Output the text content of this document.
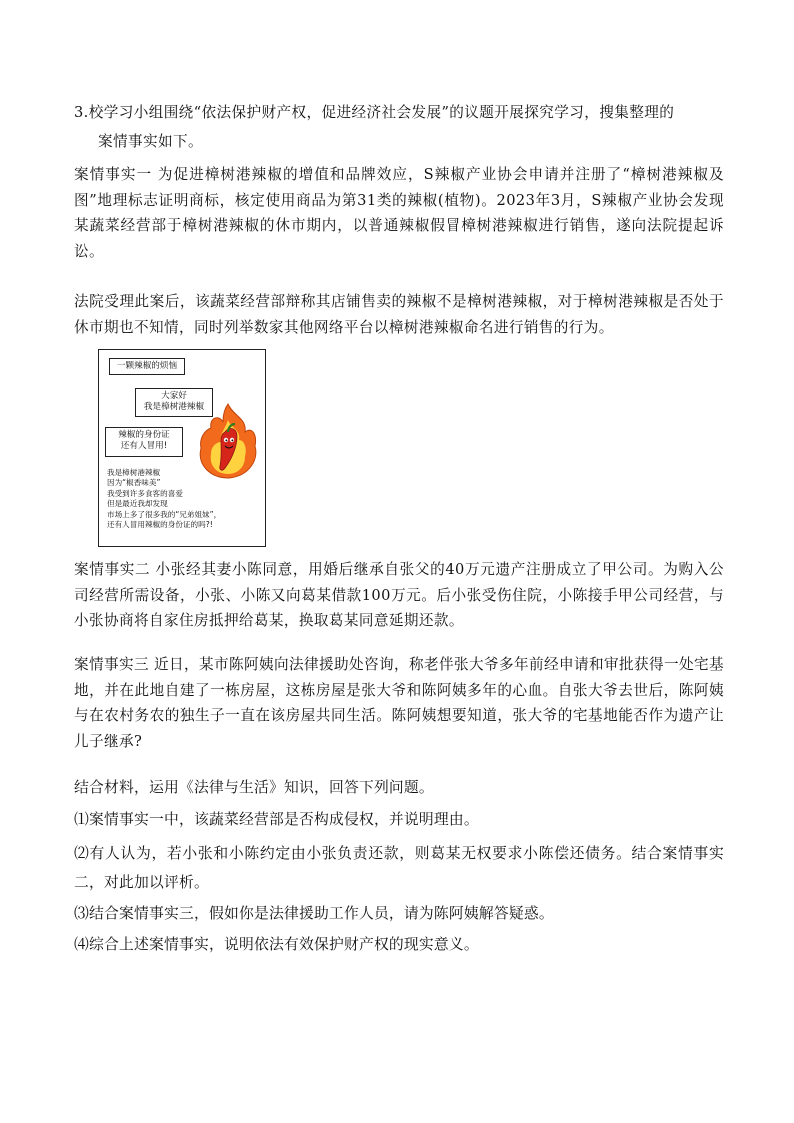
3.校学习小组围绕“依法保护财产权，促进经济社会发展”的议题开展探究学习，搜集整理的

案情事实如下。

案情事实一 为促进樟树港辣椒的增值和品牌效应，S辣椒产业协会申请并注册了“樟树港辣椒及图”地理标志证明商标，核定使用商品为第31类的辣椒(植物)。2023年3月，S辣椒产业协会发现某蔬菜经营部于樟树港辣椒的休市期内，以普通辣椒假冒樟树港辣椒进行销售，遂向法院提起诉讼。

法院受理此案后，该蔬菜经营部辩称其店铺售卖的辣椒不是樟树港辣椒，对于樟树港辣椒是否处于休市期也不知情，同时列举数家其他网络平台以樟树港辣椒命名进行销售的行为。

一颗辣椒的烦恼
大家好
我是樟树港辣椒
辣椒的身份证
还有人冒用!
我是樟树港辣椒
因为“椒香味美”
我受到许多食客的喜爱
但是最近我却发现
市场上多了很多我的“兄弟姐妹”，
还有人冒用辣椒的身份证的吗?!

案情事实二 小张经其妻小陈同意，用婚后继承自张父的40万元遗产注册成立了甲公司。为购入公司经营所需设备，小张、小陈又向葛某借款100万元。后小张受伤住院，小陈接手甲公司经营，与小张协商将自家住房抵押给葛某，换取葛某同意延期还款。

案情事实三 近日，某市陈阿姨向法律援助处咨询，称老伴张大爷多年前经申请和审批获得一处宅基地，并在此地自建了一栋房屋，这栋房屋是张大爷和陈阿姨多年的心血。自张大爷去世后，陈阿姨与在农村务农的独生子一直在该房屋共同生活。陈阿姨想要知道，张大爷的宅基地能否作为遗产让儿子继承?

结合材料，运用《法律与生活》知识，回答下列问题。

⑴案情事实一中，该蔬菜经营部是否构成侵权，并说明理由。

⑵有人认为，若小张和小陈约定由小张负责还款，则葛某无权要求小陈偿还债务。结合案情事实二，对此加以评析。

⑶结合案情事实三，假如你是法律援助工作人员，请为陈阿姨解答疑惑。

⑷综合上述案情事实，说明依法有效保护财产权的现实意义。
